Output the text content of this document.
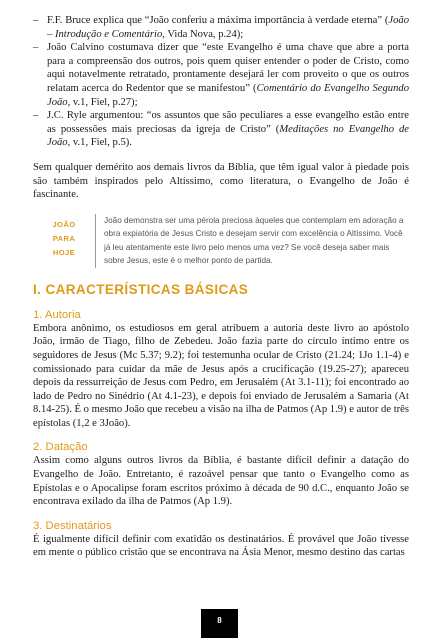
– F.F. Bruce explica que “João conferiu a máxima importância à verdade eterna” (João – Introdução e Comentário, Vida Nova, p.24);

– João Calvino costumava dizer que “este Evangelho é uma chave que abre a porta para a compreensão dos outros, pois quem quiser entender o poder de Cristo, como aqui notavelmente retratado, prontamente desejará ler com proveito o que os outros relatam acerca do Redentor que se manifestou” (Comentário do Evangelho Segundo João, v.1, Fiel, p.27);

– J.C. Ryle argumentou: “os assuntos que são peculiares a esse evangelho estão entre as possessões mais preciosas da igreja de Cristo” (Meditações no Evangelho de João, v.1, Fiel, p.5).

Sem qualquer demérito aos demais livros da Bíblia, que têm igual valor à piedade pois são também inspirados pelo Altíssimo, como literatura, o Evangelho de João é fascinante.

JOÃO
PARA
HOJE
João demonstra ser uma pérola preciosa àqueles que contemplam em adoração a obra expiatória de Jesus Cristo e desejam servir com excelência o Altíssimo. Você já leu atentamente este livro pelo menos uma vez? Se você deseja saber mais sobre Jesus, este é o melhor ponto de partida.
I. CARACTERÍSTICAS BÁSICAS
1. Autoria

Embora anônimo, os estudiosos em geral atribuem a autoria deste livro ao apóstolo João, irmão de Tiago, filho de Zebedeu. João fazia parte do círculo íntimo entre os seguidores de Jesus (Mc 5.37; 9.2); foi testemunha ocular de Cristo (21.24; 1Jo 1.1-4) e comissionado para cuidar da mãe de Jesus após a crucificação (19.25-27); apareceu depois da ressurreição de Jesus com Pedro, em Jerusalém (At 3.1-11); foi encontrado ao lado de Pedro no Sinédrio (At 4.1-23), e depois foi enviado de Jerusalém a Samaria (At 8.14-25). É o mesmo João que recebeu a visão na ilha de Patmos (Ap 1.9) e autor de três epístolas (1,2 e 3João).

2. Datação

Assim como alguns outros livros da Bíblia, é bastante difícil definir a datação do Evangelho de João. Entretanto, é razoável pensar que tanto o Evangelho como as Epístolas e o Apocalipse foram escritos próximo à década de 90 d.C., enquanto João se encontrava exilado da ilha de Patmos (Ap 1.9).

3. Destinatários

É igualmente difícil definir com exatidão os destinatários. É provável que João tivesse em mente o público cristão que se encontrava na Ásia Menor, mesmo destino das cartas

8
